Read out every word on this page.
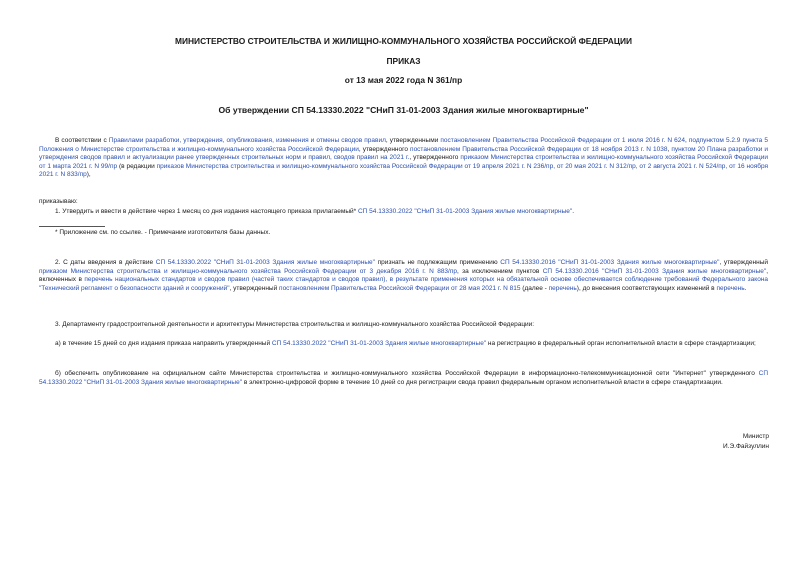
МИНИСТЕРСТВО СТРОИТЕЛЬСТВА И ЖИЛИЩНО-КОММУНАЛЬНОГО ХОЗЯЙСТВА РОССИЙСКОЙ ФЕДЕРАЦИИ
ПРИКАЗ
от 13 мая 2022 года N 361/пр
Об утверждении СП 54.13330.2022 "СНиП 31-01-2003 Здания жилые многоквартирные"
В соответствии с Правилами разработки, утверждения, опубликования, изменения и отмены сводов правил, утвержденными постановлением Правительства Российской Федерации от 1 июля 2016 г. N 624, подпунктом 5.2.9 пункта 5 Положения о Министерстве строительства и жилищно-коммунального хозяйства Российской Федерации, утвержденного постановлением Правительства Российской Федерации от 18 ноября 2013 г. N 1038, пунктом 20 Плана разработки и утверждения сводов правил и актуализации ранее утвержденных строительных норм и правил, сводов правил на 2021 г., утвержденного приказом Министерства строительства и жилищно-коммунального хозяйства Российской Федерации от 1 марта 2021 г. N 99/пр (в редакции приказов Министерства строительства и жилищно-коммунального хозяйства Российской Федерации от 19 апреля 2021 г. N 236/пр, от 20 мая 2021 г. N 312/пр, от 2 августа 2021 г. N 524/пр, от 16 ноября 2021 г. N 833/пр),
приказываю:
1. Утвердить и ввести в действие через 1 месяц со дня издания настоящего приказа прилагаемый* СП 54.13330.2022 "СНиП 31-01-2003 Здания жилые многоквартирные".
* Приложение см. по ссылке. - Примечание изготовителя базы данных.
2. С даты введения в действие СП 54.13330.2022 "СНиП 31-01-2003 Здания жилые многоквартирные" признать не подлежащим применению СП 54.13330.2016 "СНиП 31-01-2003 Здания жилые многоквартирные", утвержденный приказом Министерства строительства и жилищно-коммунального хозяйства Российской Федерации от 3 декабря 2016 г. N 883/пр, за исключением пунктов СП 54.13330.2016 "СНиП 31-01-2003 Здания жилые многоквартирные", включенных в перечень национальных стандартов и сводов правил (частей таких стандартов и сводов правил), в результате применения которых на обязательной основе обеспечивается соблюдение требований Федерального закона "Технический регламент о безопасности зданий и сооружений", утвержденный постановлением Правительства Российской Федерации от 28 мая 2021 г. N 815 (далее - перечень), до внесения соответствующих изменений в перечень.
3. Департаменту градостроительной деятельности и архитектуры Министерства строительства и жилищно-коммунального хозяйства Российской Федерации:
а) в течение 15 дней со дня издания приказа направить утвержденный СП 54.13330.2022 "СНиП 31-01-2003 Здания жилые многоквартирные" на регистрацию в федеральный орган исполнительной власти в сфере стандартизации;
б) обеспечить опубликование на официальном сайте Министерства строительства и жилищно-коммунального хозяйства Российской Федерации в информационно-телекоммуникационной сети "Интернет" утвержденного СП 54.13330.2022 "СНиП 31-01-2003 Здания жилые многоквартирные" в электронно-цифровой форме в течение 10 дней со дня регистрации свода правил федеральным органом исполнительной власти в сфере стандартизации.
Министр
И.Э.Файзуллин
